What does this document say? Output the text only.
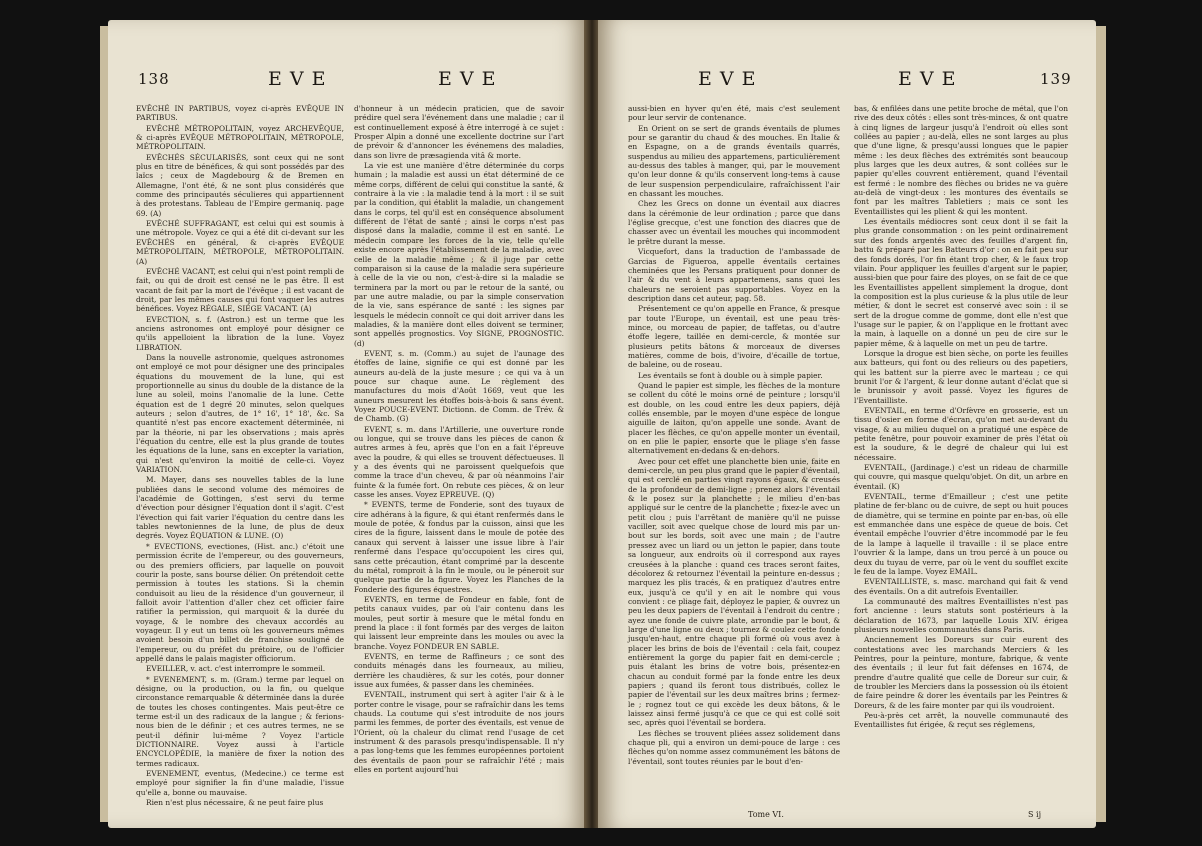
138	E V E	E V E

EVÊCHÉ IN PARTIBUS, voyez ci-après EVÊQUE IN PARTIBUS.

EVÊCHÉ MÉTROPOLITAIN, voyez ARCHEVÊQUE, & ci-après EVÊQUE MÉTROPOLITAIN, MÉTROPOLE, MÉTROPOLITAIN.

EVÊCHÉS SÉCULARISÉS, sont ceux qui ne sont plus en titre de bénéfices, & qui sont possédés par des laïcs ; ceux de Magdebourg & de Bremen en Allemagne, l'ont été, & ne sont plus considérés que comme des principautés séculieres qui appartiennent à des protestans. Tableau de l'Empire germaniq. page 69. (A)

EVÊCHÉ SUFFRAGANT, est celui qui est soumis à une métropole. Voyez ce qui a été dit ci-devant sur les EVÊCHÉS en général, & ci-après EVÊQUE MÉTROPOLITAIN, MÉTROPOLE, MÉTROPOLITAIN. (A)

EVÊCHÉ VACANT, est celui qui n'est point rempli de fait, ou qui de droit est censé ne le pas être. Il est vacant de fait par la mort de l'évêque ; il est vacant de droit, par les mêmes causes qui font vaquer les autres bénéfices. Voyez RÉGALE, SIÉGE VACANT. (A)

EVECTION, s. f. (Astron.) est un terme que les anciens astronomes ont employé pour désigner ce qu'ils appelloient la libration de la lune. Voyez LIBRATION.

Dans la nouvelle astronomie, quelques astronomes ont employé ce mot pour désigner une des principales équations du mouvement de la lune, qui est proportionnelle au sinus du double de la distance de la lune au soleil, moins l'anomalie de la lune. Cette équation est de 1 degré 20 minutes, selon quelques auteurs ; selon d'autres, de 1° 16', 1° 18', &c. Sa quantité n'est pas encore exactement déterminée, ni par la théorie, ni par les observations ; mais après l'équation du centre, elle est la plus grande de toutes les équations de la lune, sans en excepter la variation, qui n'est qu'environ la moitié de celle-ci. Voyez VARIATION.

M. Mayer, dans ses nouvelles tables de la lune publiées dans le second volume des mémoires de l'académie de Gottingen, s'est servi du terme d'évection pour désigner l'équation dont il s'agit. C'est l'évection qui fait varier l'équation du centre dans les tables newtoniennes de la lune, de plus de deux degrés. Voyez ÉQUATION & LUNE. (O)

* EVECTIONS, evectiones, (Hist. anc.) c'étoit une permission écrite de l'empereur, ou des gouverneurs, ou des premiers officiers, par laquelle on pouvoit courir la poste, sans bourse délier. On prétendoit cette permission à toutes les stations. Si la chemin conduisoit au lieu de la résidence d'un gouverneur, il falloit avoir l'attention d'aller chez cet officier faire ratifier la permission, qui marquoit & la durée du voyage, & le nombre des chevaux accordés au voyageur. Il y eut un tems où les gouverneurs mêmes avoient besoin d'un billet de franchise souligné de l'empereur, ou du préfet du prétoire, ou de l'officier appellé dans le palais magister officiorum.

EVEILLER, v. act. c'est interrompre le sommeil.

* EVENEMENT, s. m. (Gram.) terme par lequel on désigne, ou la production, ou la fin, ou quelque circonstance remarquable & déterminée dans la durée de toutes les choses contingentes. Mais peut-être ce terme est-il un des radicaux de la langue ; & ferions-nous bien de le définir ; et ces autres termes, ne se peut-il définir lui-même ? Voyez l'article DICTIONNAIRE. Voyez aussi à l'article ENCYCLOPÉDIE, la manière de fixer la notion des termes radicaux.

EVENEMENT, eventus, (Medecine.) ce terme est employé pour signifier la fin d'une maladie, l'issue qu'elle a, bonne ou mauvaise.

Rien n'est plus nécessaire, & ne peut faire plus

d'honneur à un médecin praticien, que de savoir prédire quel sera l'événement dans une maladie ; car il est continuellement exposé à être interrogé à ce sujet : Prosper Alpin a donné une excellente doctrine sur l'art de prévoir & d'annoncer les événemens des maladies, dans son livre de præsagienda vitâ & morte.

La vie est une manière d'être déterminée du corps humain ; la maladie est aussi un état déterminé de ce même corps, différent de celui qui constitue la santé, & contraire à la vie : la maladie tend à la mort : il se suit par la condition, qui établit la maladie, un changement dans le corps, tel qu'il est en conséquence absolument différent de l'état de santé ; ainsi le corps n'est pas disposé dans la maladie, comme il est en santé. Le médecin compare les forces de la vie, telle qu'elle existe encore après l'établissement de la maladie, avec celle de la maladie même ; & il juge par cette comparaison si la cause de la maladie sera supérieure à celle de la vie ou non, c'est-à-dire si la maladie se terminera par la mort ou par le retour de la santé, ou par une autre maladie, ou par la simple conservation de la vie, sans espérance de santé : les signes par lesquels le médecin connoît ce qui doit arriver dans les maladies, & la manière dont elles doivent se terminer, sont appellés prognostics. Voy SIGNE, PROGNOSTIC. (d)

EVENT, s. m. (Comm.) au sujet de l'aunage des étoffes de laine, signifie ce qui est donné par les auneurs au-delà de la juste mesure ; ce qui va à un pouce sur chaque aune. Le règlement des manufactures du mois d'Août 1669, veut que les auneurs mesurent les étoffes bois-à-bois & sans évent. Voyez POUCE-EVENT. Dictionn. de Comm. de Trév. & de Chamb. (G)

EVENT, s. m. dans l'Artillerie, une ouverture ronde ou longue, qui se trouve dans les pièces de canon & autres armes à feu, après que l'on en a fait l'épreuve avec la poudre, & qui elles se trouvent défectueuses. Il y a des évents qui ne paroissent quelquefois que comme la trace d'un cheveu, & par où néanmoins l'air fuinte & la fumée fort. On rebute ces pièces, & on leur casse les anses. Voyez EPREUVE. (Q)

* EVENTS, terme de Fonderie, sont des tuyaux de cire adhérans à la figure, & qui étant renfermés dans le moule de potée, & fondus par la cuisson, ainsi que les cires de la figure, laissent dans le moule de potée des canaux qui servent à laisser une issue libre à l'air renfermé dans l'espace qu'occupoient les cires qui, sans cette précaution, étant comprimé par la descente du métal, romproit à la fin le moule, ou le péneroit sur quelque partie de la figure. Voyez les Planches de la Fonderie des figures équestres.

EVENTS, en terme de Fondeur en fable, font de petits canaux vuides, par où l'air contenu dans les moules, peut sortir à mesure que le métal fondu en prend la place : il font formés par des verges de laiton qui laissent leur empreinte dans les moules ou avec la branche. Voyez FONDEUR EN SABLE.

EVENTS, en terme de Raffineurs ; ce sont des conduits ménagés dans les fourneaux, au milieu, derrière les chaudières, & sur les cotés, pour donner issue aux fumées, & passer dans les cheminées.

EVENTAIL, instrument qui sert à agiter l'air & à le porter contre le visage, pour se rafraîchir dans les tems chauds. La coutume qui s'est introduite de nos jours parmi les femmes, de porter des éventails, est venue de l'Orient, où la chaleur du climat rend l'usage de cet instrument & des parasols presqu'indispensable. Il n'y a pas long-tems que les femmes européennes portoient des éventails de paon pour se rafraîchir l'été ; mais elles en portent aujourd'hui

E V E	E V E	139

aussi-bien en hyver qu'en été, mais c'est seulement pour leur servir de contenance.

En Orient on se sert de grands éventails de plumes pour se garantir du chaud & des mouches. En Italie & en Espagne, on a de grands éventails quarrés, suspendus au milieu des appartemens, particulièrement au-dessus des tables à manger, qui, par le mouvement qu'on leur donne & qu'ils conservent long-tems à cause de leur suspension perpendiculaire, rafraîchissent l'air en chassant les mouches.

Chez les Grecs on donne un éventail aux diacres dans la cérémonie de leur ordination ; parce que dans l'église grecque, c'est une fonction des diacres que de chasser avec un éventail les mouches qui incommodent le prêtre durant la messe.

Vicquefort, dans la traduction de l'ambassade de Garcias de Figueroa, appelle éventails certaines cheminées que les Persans pratiquent pour donner de l'air & du vent à leurs appartemens, sans quoi les chaleurs ne seroient pas supportables. Voyez en la description dans cet auteur, pag. 58.

Présentement ce qu'on appelle en France, & presque par toute l'Europe, un éventail, est une peau très-mince, ou morceau de papier, de taffetas, ou d'autre étoffe legere, taillée en demi-cercle, & montée sur plusieurs petits bâtons & morceaux de diverses matières, comme de bois, d'ivoire, d'écaille de tortue, de baleine, ou de roseau.

Les éventails se font à double ou à simple papier.

Quand le papier est simple, les flèches de la monture se collent du côté le moins orné de peinture ; lorsqu'il est double, on les coud entre les deux papiers, déjà collés ensemble, par le moyen d'une espèce de longue aiguille de laiton, qu'on appelle une sonde. Avant de placer les flèches, ce qu'on appelle monter un éventail, on en plie le papier, ensorte que le pliage s'en fasse alternativement en-dedans & en-dehors.

Avec pour cet effet une planchette bien unie, faite en demi-cercle, un peu plus grand que le papier d'éventail, qui est cerclé en parties vingt rayons égaux, & creusés de la profondeur de demi-ligne ; prenez alors l'éventail & le posez sur la planchette ; le milieu d'en-bas appliqué sur le centre de la planchette ; fixez-le avec un petit clou ; puis l'arrêtant de manière qu'il ne puisse vaciller, soit avec quelque chose de lourd mis par un-bout sur les bords, soit avec une main ; de l'autre pressez avec un liard ou un jetton le papier, dans toute sa longueur, aux endroits où il correspond aux rayes creusées à la planche : quand ces traces seront faites, décolorez & retournez l'éventail la peinture en-dessus ; marquez les plis tracés, & en pratiquez d'autres entre eux, jusqu'à ce qu'il y en ait le nombre qui vous convient : ce pliage fait, déployez le papier, & ouvrez un peu les deux papiers de l'éventail à l'endroit du centre ; ayez une fonde de cuivre plate, arrondie par le bout, & large d'une ligne ou deux ; tournez & coulez cette fonde jusqu'en-haut, entre chaque pli formé où vous avez à placer les brins de bois de l'éventail : cela fait, coupez entièrement la gorge du papier fait en demi-cercle ; puis étalant les brins de votre bois, présentez-en chacun au conduit formé par la fonde entre les deux papiers ; quand ils feront tous distribués, collez le papier de l'éventail sur les deux maîtres brins ; fermez-le ; rognez tout ce qui excède les deux bâtons, & le laissez ainsi fermé jusqu'à ce que ce qui est collé soit sec, après quoi l'éventail se bordera.

Les flèches se trouvent pliées assez solidement dans chaque pli, qui a environ un demi-pouce de large : ces flèches qu'on nomme assez communément les bâtons de l'éventail, sont toutes réunies par le bout d'en-

bas, & enfilées dans une petite broche de métal, que l'on rive des deux côtés : elles sont très-minces, & ont quatre à cinq lignes de largeur jusqu'à l'endroit où elles sont collées au papier ; au-delà, elles ne sont larges au plus que d'une ligne, & presqu'aussi longues que le papier même : les deux flèches des extrémités sont beaucoup plus larges que les deux autres, & sont collées sur le papier qu'elles couvrent entièrement, quand l'éventail est fermé : le nombre des flèches ou brides ne va guère au-delà de vingt-deux : les montures des éventails se font par les maîtres Tabletiers ; mais ce sont les Eventaillistes qui les plient & qui les montent.

Les éventails médiocres sont ceux dont il se fait la plus grande consommation : on les peint ordinairement sur des fonds argentés avec des feuilles d'argent fin, battu & préparé par les Batteurs d'or : on en fait peu sur des fonds dorés, l'or fin étant trop cher, & le faux trop vilain. Pour appliquer les feuilles d'argent sur le papier, aussi-bien que pour faire des ployes, on se fait de ce que les Eventaillistes appellent simplement la drogue, dont la composition est la plus curieuse & la plus utile de leur métier, & dont le secret est conservé avec soin : il se sert de la drogue comme de gomme, dont elle n'est que l'usage sur le papier, & on l'applique en le frottant avec la main, à laquelle on a donné un peu de cire sur le papier même, & à laquelle on met un peu de tartre.

Lorsque la drogue est bien sèche, on porte les feuilles aux batteurs, qui font ou des relieurs ou des papetiers, qui les battent sur la pierre avec le marteau ; ce qui brunit l'or & l'argent, & leur donne autant d'éclat que si le brunissoir y avoit passé. Voyez les figures de l'Eventailliste.

EVENTAIL, en terme d'Orfèvre en grosserie, est un tissu d'osier en forme d'écran, qu'on met au-devant du visage, & au milieu duquel on a pratiqué une espèce de petite fenêtre, pour pouvoir examiner de près l'état où est la soudure, & le degré de chaleur qui lui est nécessaire.

EVENTAIL, (Jardinage.) c'est un rideau de charmille qui couvre, qui masque quelqu'objet. On dit, un arbre en éventail. (K)

EVENTAIL, terme d'Emailleur ; c'est une petite platine de fer-blanc ou de cuivre, de sept ou huit pouces de diamètre, qui se termine en pointe par en-bas, où elle est emmanchée dans une espèce de queue de bois. Cet éventail empêche l'ouvrier d'être incommodé par le feu de la lampe à laquelle il travaille : il se place entre l'ouvrier & la lampe, dans un trou percé à un pouce ou deux du tuyau de verre, par où le vent du soufflet excite le feu de la lampe. Voyez EMAIL.

EVENTAILLISTE, s. masc. marchand qui fait & vend des éventails. On a dit autrefois Eventailler.

La communauté des maîtres Eventaillistes n'est pas fort ancienne : leurs statuts sont postérieurs à la déclaration de 1673, par laquelle Louis XIV. érigea plusieurs nouvelles communautés dans Paris.

Anciennement les Doreurs sur cuir eurent des contestations avec les marchands Merciers & les Peintres, pour la peinture, monture, fabrique, & vente des éventails ; il leur fut fait défenses en 1674, de prendre d'autre qualité que celle de Doreur sur cuir, & de troubler les Merciers dans la possession où ils étoient de faire peindre & dorer les éventails par les Peintres & Doreurs, & de les faire monter par qui ils voudroient.

Peu-à-près cet arrêt, la nouvelle communauté des Eventaillistes fut érigée, & reçut ses réglemens,

Tome VI.	S ij
